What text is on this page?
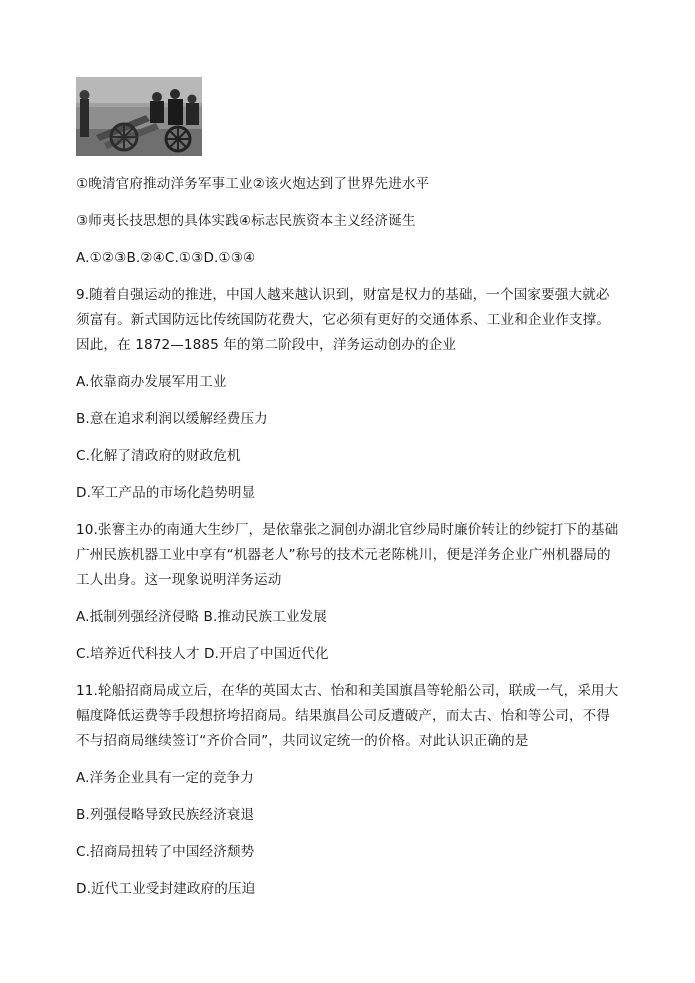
①晚清官府推动洋务军事工业②该火炮达到了世界先进水平
③师夷长技思想的具体实践④标志民族资本主义经济诞生
A.①②③B.②④C.①③D.①③④
9.随着自强运动的推进，中国人越来越认识到，财富是权力的基础，一个国家要强大就必
须富有。新式国防远比传统国防花费大，它必须有更好的交通体系、工业和企业作支撑。
因此，在 1872—1885 年的第二阶段中，洋务运动创办的企业
A.依靠商办发展军用工业
B.意在追求利润以缓解经费压力
C.化解了清政府的财政危机
D.军工产品的市场化趋势明显
10.张謇主办的南通大生纱厂，是依靠张之洞创办湖北官纱局时廉价转让的纱锭打下的基础
广州民族机器工业中享有“机器老人”称号的技术元老陈桃川，便是洋务企业广州机器局的
工人出身。这一现象说明洋务运动
A.抵制列强经济侵略 B.推动民族工业发展
C.培养近代科技人才 D.开启了中国近代化
11.轮船招商局成立后，在华的英国太古、怡和和美国旗昌等轮船公司，联成一气，采用大
幅度降低运费等手段想挤垮招商局。结果旗昌公司反遭破产，而太古、怡和等公司，不得
不与招商局继续签订“齐价合同”，共同议定统一的价格。对此认识正确的是
A.洋务企业具有一定的竞争力
B.列强侵略导致民族经济衰退
C.招商局扭转了中国经济颓势
D.近代工业受封建政府的压迫
